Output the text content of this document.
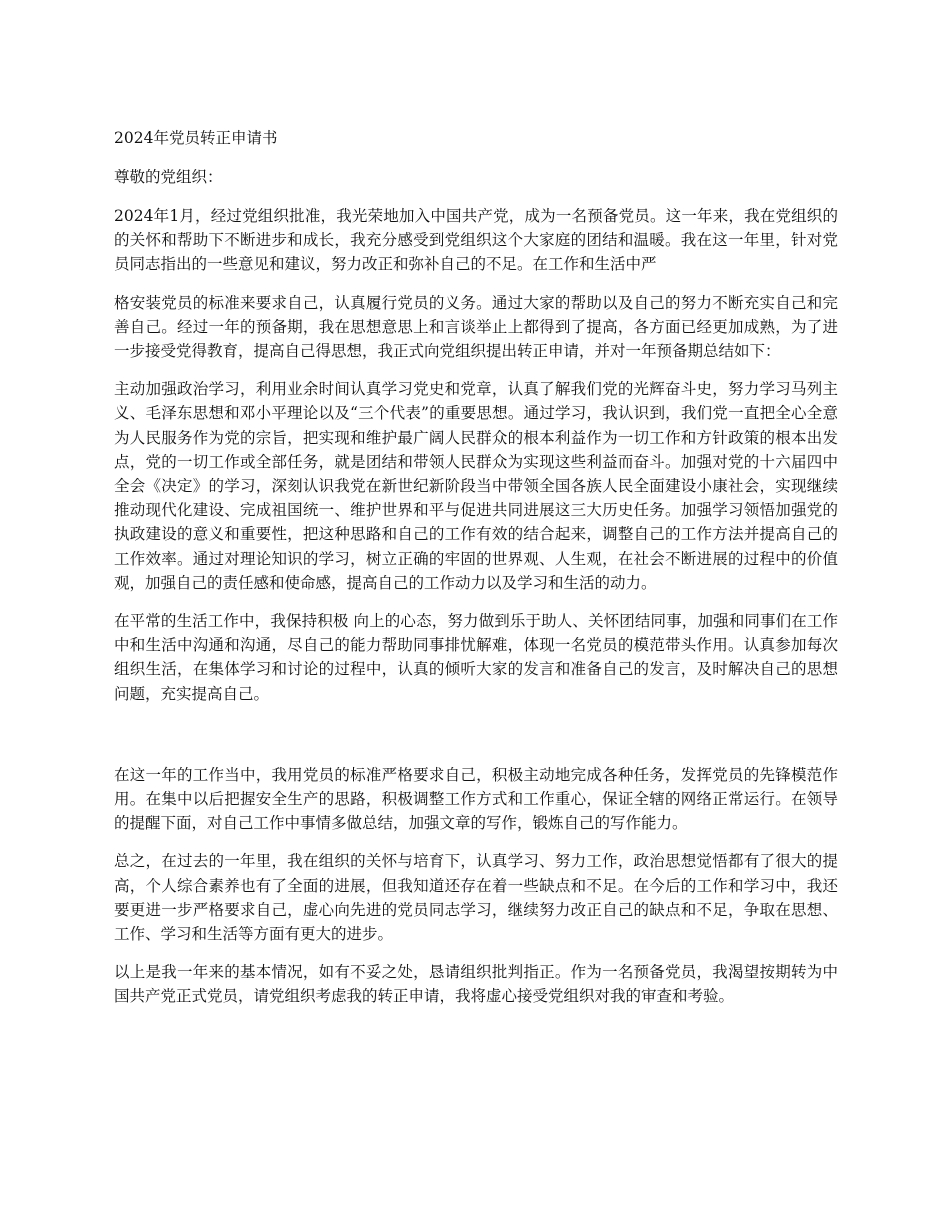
2024年党员转正申请书
尊敬的党组织：

2024年1月，经过党组织批准，我光荣地加入中国共产党，成为一名预备党员。这一年来，我在党组织的的关怀和帮助下不断进步和成长，我充分感受到党组织这个大家庭的团结和温暖。我在这一年里，针对党员同志指出的一些意见和建议，努力改正和弥补自己的不足。在工作和生活中严

格安装党员的标准来要求自己，认真履行党员的义务。通过大家的帮助以及自己的努力不断充实自己和完善自己。经过一年的预备期，我在思想意思上和言谈举止上都得到了提高，各方面已经更加成熟，为了进一步接受党得教育，提高自己得思想，我正式向党组织提出转正申请，并对一年预备期总结如下：

主动加强政治学习，利用业余时间认真学习党史和党章，认真了解我们党的光辉奋斗史，努力学习马列主义、毛泽东思想和邓小平理论以及“三个代表”的重要思想。通过学习，我认识到，我们党一直把全心全意为人民服务作为党的宗旨，把实现和维护最广阔人民群众的根本利益作为一切工作和方针政策的根本出发点，党的一切工作或全部任务，就是团结和带领人民群众为实现这些利益而奋斗。加强对党的十六届四中全会《决定》的学习，深刻认识我党在新世纪新阶段当中带领全国各族人民全面建设小康社会，实现继续推动现代化建设、完成祖国统一、维护世界和平与促进共同进展这三大历史任务。加强学习领悟加强党的执政建设的意义和重要性，把这种思路和自己的工作有效的结合起来，调整自己的工作方法并提高自己的工作效率。通过对理论知识的学习，树立正确的牢固的世界观、人生观，在社会不断进展的过程中的价值观，加强自己的责任感和使命感，提高自己的工作动力以及学习和生活的动力。

在平常的生活工作中，我保持积极 向上的心态，努力做到乐于助人、关怀团结同事，加强和同事们在工作中和生活中沟通和沟通，尽自己的能力帮助同事排忧解难，体现一名党员的模范带头作用。认真参加每次组织生活，在集体学习和讨论的过程中，认真的倾听大家的发言和准备自己的发言，及时解决自己的思想问题，充实提高自己。

在这一年的工作当中，我用党员的标准严格要求自己，积极主动地完成各种任务，发挥党员的先锋模范作用。在集中以后把握安全生产的思路，积极调整工作方式和工作重心，保证全辖的网络正常运行。在领导的提醒下面，对自己工作中事情多做总结，加强文章的写作，锻炼自己的写作能力。

总之，在过去的一年里，我在组织的关怀与培育下，认真学习、努力工作，政治思想觉悟都有了很大的提高，个人综合素养也有了全面的进展，但我知道还存在着一些缺点和不足。在今后的工作和学习中，我还要更进一步严格要求自己，虚心向先进的党员同志学习，继续努力改正自己的缺点和不足，争取在思想、工作、学习和生活等方面有更大的进步。

以上是我一年来的基本情况，如有不妥之处，恳请组织批判指正。作为一名预备党员，我渴望按期转为中国共产党正式党员，请党组织考虑我的转正申请，我将虚心接受党组织对我的审查和考验。
